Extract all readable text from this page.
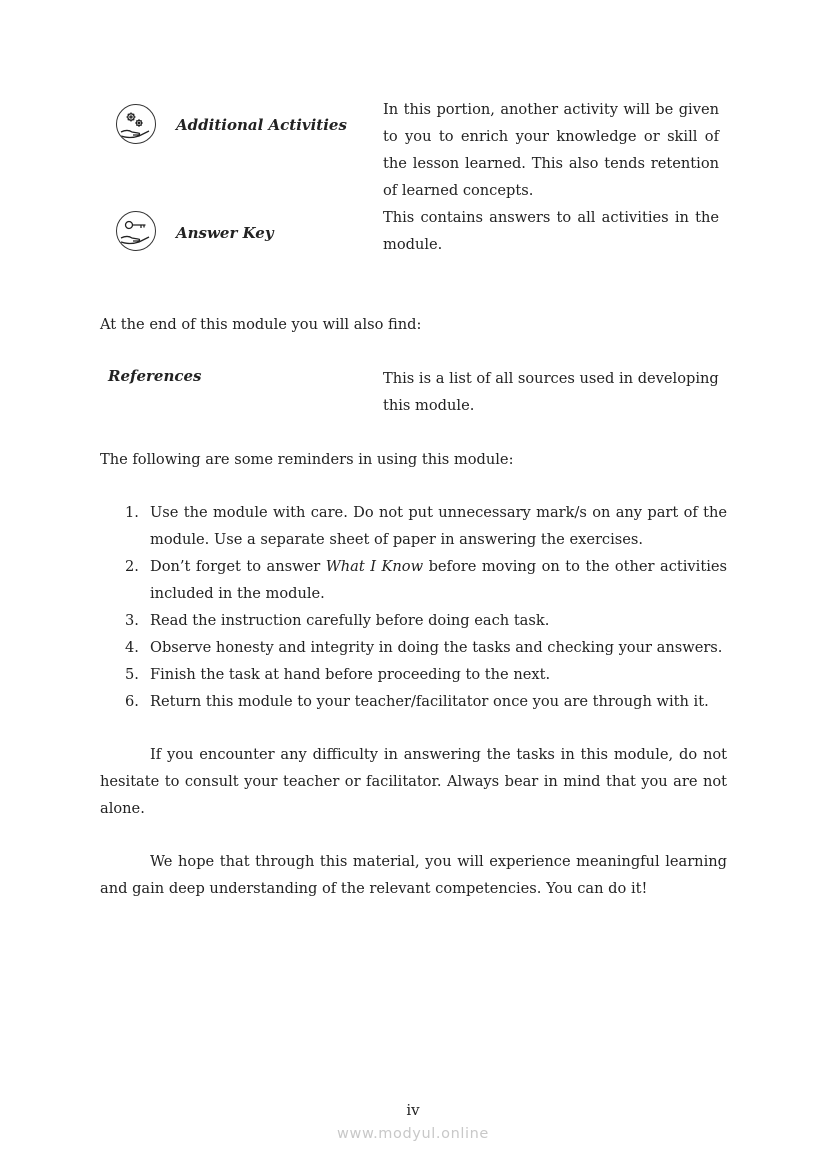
Additional Activities
In this portion, another activity will be given to you to enrich your knowledge or skill of the lesson learned. This also tends retention of learned concepts.
Answer Key
This contains answers to all activities in the module.
At the end of this module you will also find:
References	This is a list of all sources used in developing this module.
The following are some reminders in using this module:
1. Use the module with care. Do not put unnecessary mark/s on any part of the module. Use a separate sheet of paper in answering the exercises.
2. Don’t forget to answer What I Know before moving on to the other activities included in the module.
3. Read the instruction carefully before doing each task.
4. Observe honesty and integrity in doing the tasks and checking your answers.
5. Finish the task at hand before proceeding to the next.
6. Return this module to your teacher/facilitator once you are through with it.
If you encounter any difficulty in answering the tasks in this module, do not hesitate to consult your teacher or facilitator. Always bear in mind that you are not alone.
We hope that through this material, you will experience meaningful learning and gain deep understanding of the relevant competencies. You can do it!
iv
www.modyul.online
